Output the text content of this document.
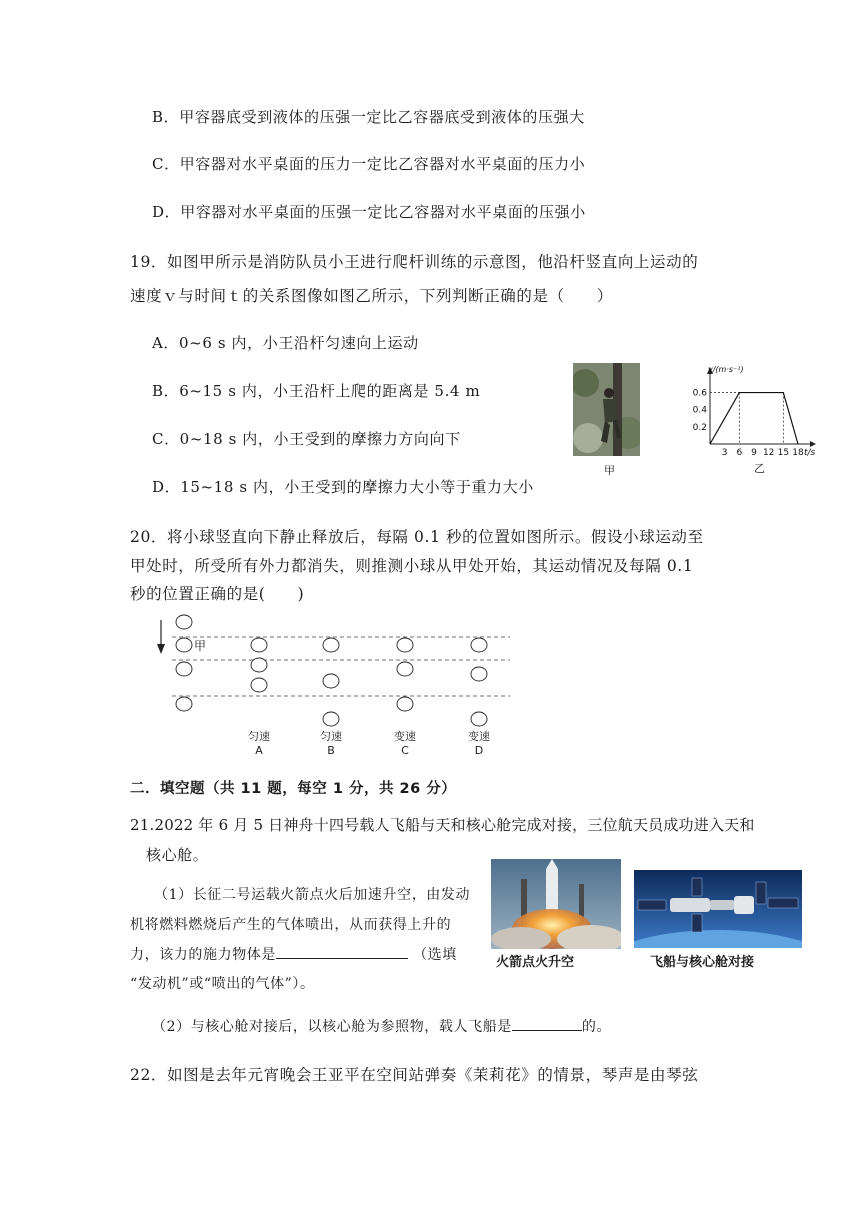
B．甲容器底受到液体的压强一定比乙容器底受到液体的压强大
C．甲容器对水平桌面的压力一定比乙容器对水平桌面的压力小
D．甲容器对水平桌面的压强一定比乙容器对水平桌面的压强小
19．如图甲所示是消防队员小王进行爬杆训练的示意图，他沿杆竖直向上运动的
速度ｖ与时间ｔ的关系图像如图乙所示，下列判断正确的是（　　）
A．0~6 s 内，小王沿杆匀速向上运动
B．6~15 s 内，小王沿杆上爬的距离是 5.4 m
C．0~18 s 内，小王受到的摩擦力方向向下
D．15~18 s 内，小王受到的摩擦力大小等于重力大小
甲
3 6 9 12 15 18
0.2
0.4
0.6
v/(m·s⁻¹)
t/s
乙
20．将小球竖直向下静止释放后，每隔 0.1 秒的位置如图所示。假设小球运动至
甲处时，所受所有外力都消失，则推测小球从甲处开始，其运动情况及每隔 0.1
秒的位置正确的是(　　)
甲
匀速
A
匀速
B
变速
C
变速
D
二．填空题（共 11 题，每空 1 分，共 26 分）
21.2022 年 6 月 5 日神舟十四号载人飞船与天和核心舱完成对接，三位航天员成功进入天和
核心舱。
（1）长征二号运载火箭点火后加速升空，由发动
机将燃料燃烧后产生的气体喷出，从而获得上升的
力，该力的施力物体是	（选填
“发动机”或“喷出的气体”）。
（2）与核心舱对接后，以核心舱为参照物，载人飞船是	的。
火箭点火升空	飞船与核心舱对接
22．如图是去年元宵晚会王亚平在空间站弹奏《茉莉花》的情景，琴声是由琴弦
